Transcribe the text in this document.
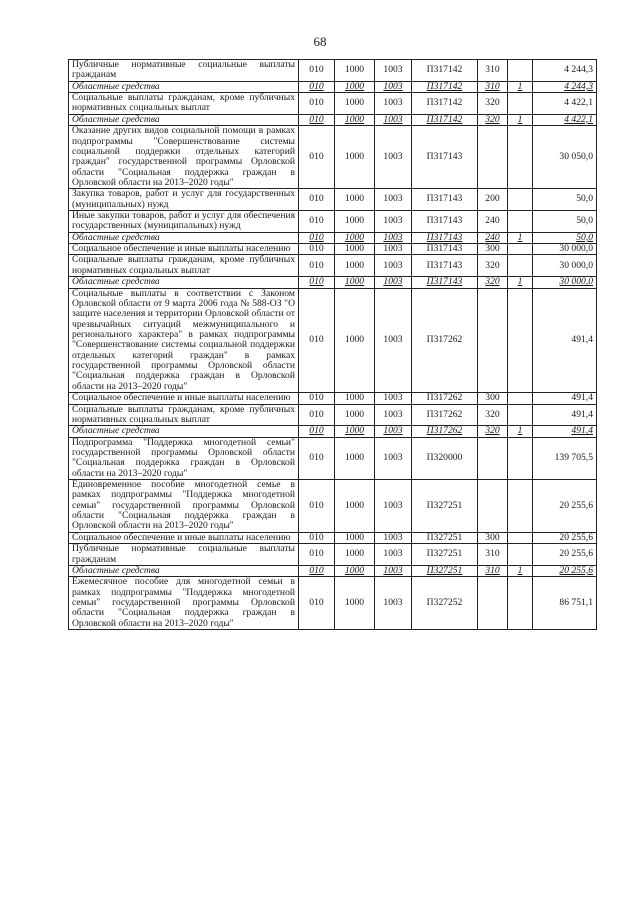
68
Публичные нормативные социальные выплаты гражданам	010	1000	1003	П317142	310		4 244,3
Областные средства	010	1000	1003	П317142	310	1	4 244,3
Социальные выплаты гражданам, кроме публичных нормативных социальных выплат	010	1000	1003	П317142	320		4 422,1
Областные средства	010	1000	1003	П317142	320	1	4 422,1
Оказание других видов социальной помощи в рамках подпрограммы "Совершенствование системы социальной поддержки отдельных категорий граждан" государственной программы Орловской области "Социальная поддержка граждан в Орловской области на 2013–2020 годы"	010	1000	1003	П317143			30 050,0
Закупка товаров, работ и услуг для государственных (муниципальных) нужд	010	1000	1003	П317143	200		50,0
Иные закупки товаров, работ и услуг для обеспечения государственных (муниципальных) нужд	010	1000	1003	П317143	240		50,0
Областные средства	010	1000	1003	П317143	240	1	50,0
Социальное обеспечение и иные выплаты населению	010	1000	1003	П317143	300		30 000,0
Социальные выплаты гражданам, кроме публичных нормативных социальных выплат	010	1000	1003	П317143	320		30 000,0
Областные средства	010	1000	1003	П317143	320	1	30 000,0
Социальные выплаты в соответствии с Законом Орловской области от 9 марта 2006 года № 588-ОЗ "О защите населения и территории Орловской области от чрезвычайных ситуаций межмуниципального и регионального характера" в рамках подпрограммы "Совершенствование системы социальной поддержки отдельных категорий граждан" в рамках государственной программы Орловской области "Социальная поддержка граждан в Орловской области на 2013–2020 годы"	010	1000	1003	П317262			491,4
Социальное обеспечение и иные выплаты населению	010	1000	1003	П317262	300		491,4
Социальные выплаты гражданам, кроме публичных нормативных социальных выплат	010	1000	1003	П317262	320		491,4
Областные средства	010	1000	1003	П317262	320	1	491,4
Подпрограмма "Поддержка многодетной семьи" государственной программы Орловской области "Социальная поддержка граждан в Орловской области на 2013–2020 годы"	010	1000	1003	П320000			139 705,5
Единовременное пособие многодетной семье в рамках подпрограммы "Поддержка многодетной семьи" государственной программы Орловской области "Социальная поддержка граждан в Орловской области на 2013–2020 годы"	010	1000	1003	П327251			20 255,6
Социальное обеспечение и иные выплаты населению	010	1000	1003	П327251	300		20 255,6
Публичные нормативные социальные выплаты гражданам	010	1000	1003	П327251	310		20 255,6
Областные средства	010	1000	1003	П327251	310	1	20 255,6
Ежемесячное пособие для многодетной семьи в рамках подпрограммы "Поддержка многодетной семьи" государственной программы Орловской области "Социальная поддержка граждан в Орловской области на 2013–2020 годы"	010	1000	1003	П327252			86 751,1
